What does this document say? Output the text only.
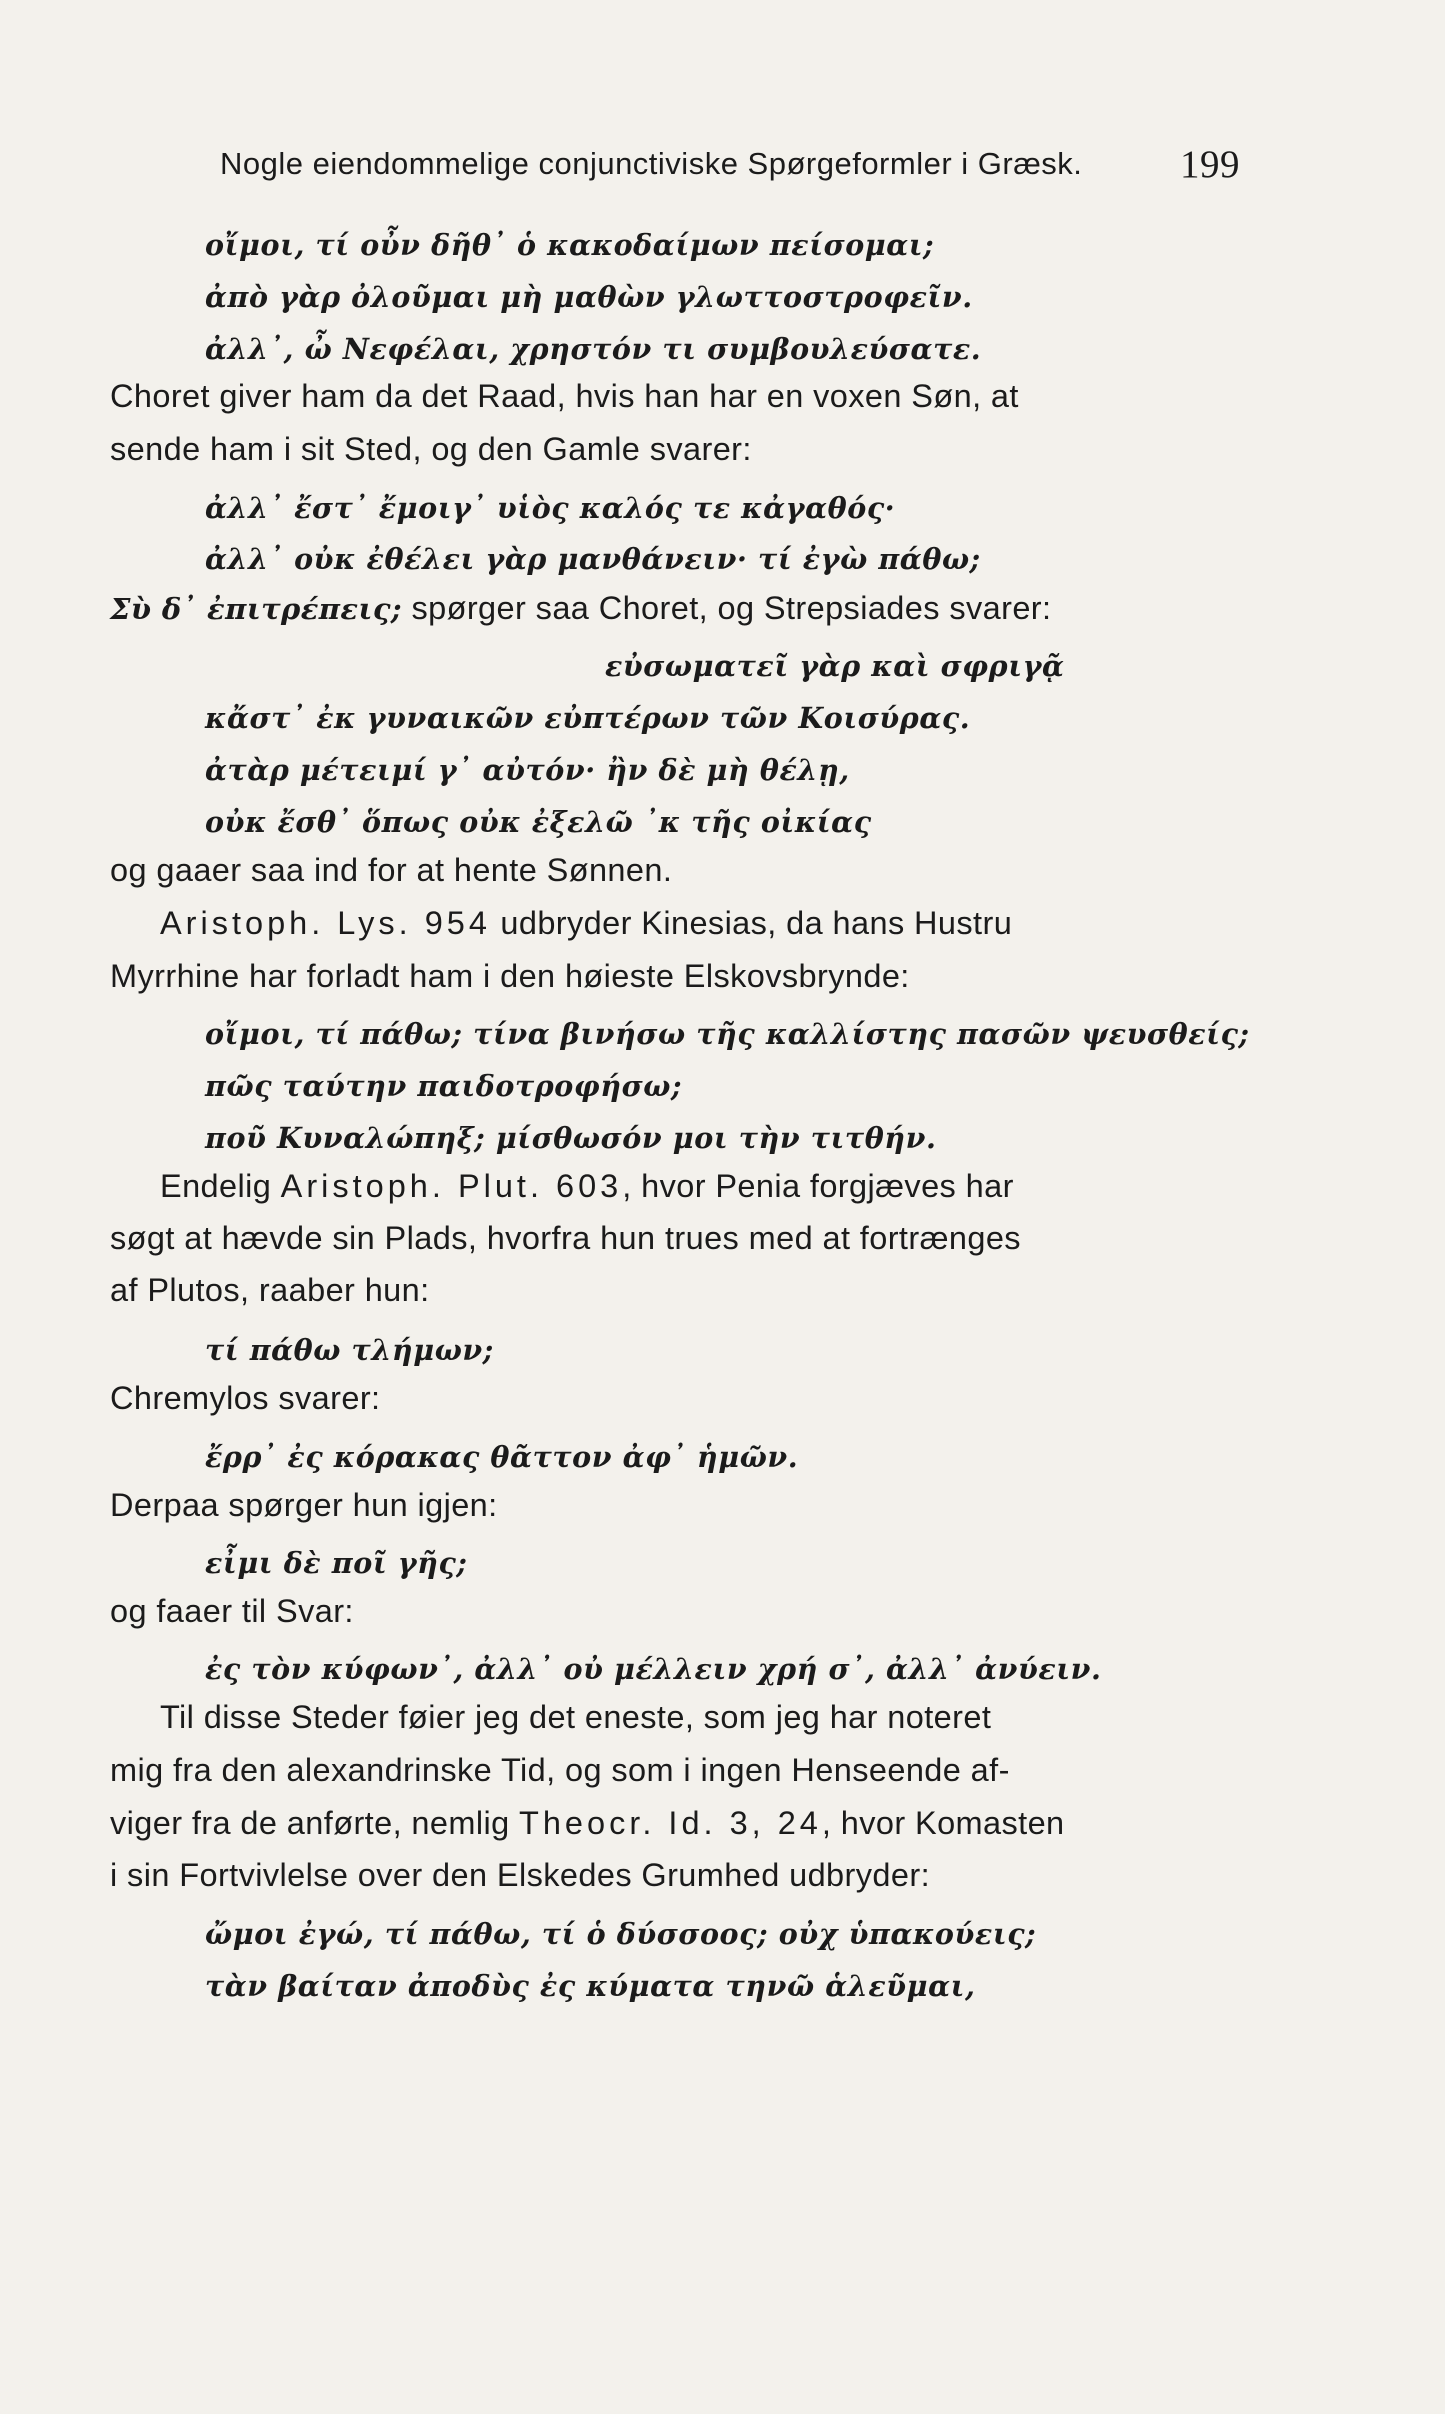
Nogle eiendommelige conjunctiviske Spørgeformler i Græsk.	199
οἴμοι, τί οὖν δῆθ᾽ ὁ κακοδαίμων πείσομαι;
ἀπὸ γὰρ ὀλοῦμαι μὴ μαθὼν γλωττοστροφεῖν.
ἀλλ᾽, ὦ Νεφέλαι, χρηστόν τι συμβουλεύσατε.
Choret giver ham da det Raad, hvis han har en voxen Søn, at
sende ham i sit Sted, og den Gamle svarer:
ἀλλ᾽ ἔστ᾽ ἔμοιγ᾽ υἱὸς καλός τε κἀγαθός·
ἀλλ᾽ οὐκ ἐθέλει γὰρ μανθάνειν· τί ἐγὼ πάθω;
Σὺ δ᾽ ἐπιτρέπεις; spørger saa Choret, og Strepsiades svarer:
εὐσωματεῖ γὰρ καὶ σφριγᾷ
κἄστ᾽ ἐκ γυναικῶν εὐπτέρων τῶν Κοισύρας.
ἀτὰρ μέτειμί γ᾽ αὐτόν· ἢν δὲ μὴ θέλῃ,
οὐκ ἔσθ᾽ ὅπως οὐκ ἐξελῶ ᾽κ τῆς οἰκίας
og gaaer saa ind for at hente Sønnen.
Aristoph. Lys. 954 udbryder Kinesias, da hans Hustru
Myrrhine har forladt ham i den høieste Elskovsbrynde:
οἴμοι, τί πάθω; τίνα βινήσω τῆς καλλίστης πασῶν ψευσθείς;
πῶς ταύτην παιδοτροφήσω;
ποῦ Κυναλώπηξ; μίσθωσόν μοι τὴν τιτθήν.
Endelig Aristoph. Plut. 603, hvor Penia forgjæves har
søgt at hævde sin Plads, hvorfra hun trues med at fortrænges
af Plutos, raaber hun:
τί πάθω τλήμων;
Chremylos svarer:
ἔρρ᾽ ἐς κόρακας θᾶττον ἀφ᾽ ἡμῶν.
Derpaa spørger hun igjen:
εἶμι δὲ ποῖ γῆς;
og faaer til Svar:
ἐς τὸν κύφων᾽, ἀλλ᾽ οὐ μέλλειν χρή σ᾽, ἀλλ᾽ ἀνύειν.
Til disse Steder føier jeg det eneste, som jeg har noteret
mig fra den alexandrinske Tid, og som i ingen Henseende af-
viger fra de anførte, nemlig Theocr. Id. 3, 24, hvor Komasten
i sin Fortvivlelse over den Elskedes Grumhed udbryder:
ὤμοι ἐγώ, τί πάθω, τί ὁ δύσσοος; οὐχ ὑπακούεις;
τὰν βαίταν ἀποδὺς ἐς κύματα τηνῶ ἁλεῦμαι,
